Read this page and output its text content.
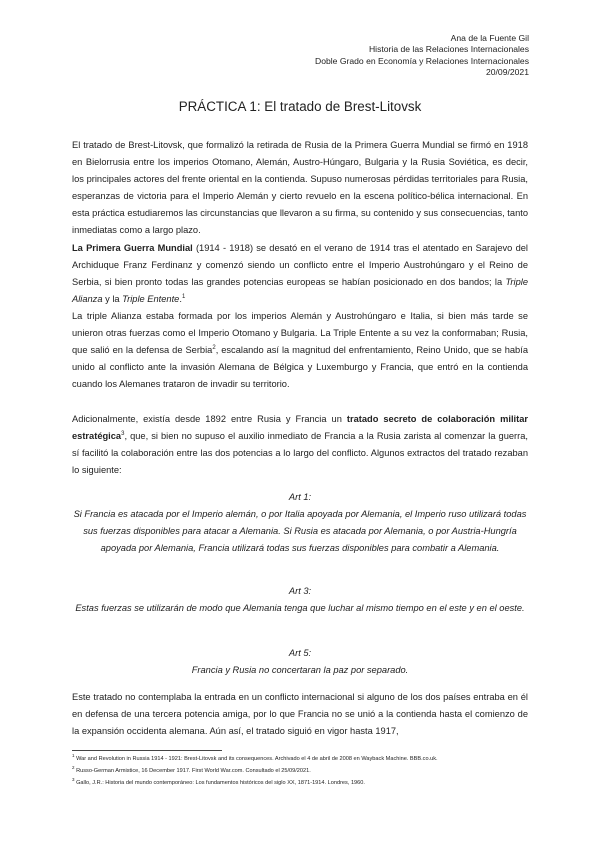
Ana de la Fuente Gil
Historia de las Relaciones Internacionales
Doble Grado en Economía y Relaciones Internacionales
20/09/2021
PRÁCTICA 1: El tratado de Brest-Litovsk

El tratado de Brest-Litovsk, que formalizó la retirada de Rusia de la Primera Guerra Mundial se firmó en 1918 en Bielorrusia entre los imperios Otomano, Alemán, Austro-Húngaro, Bulgaria y la Rusia Soviética, es decir, los principales actores del frente oriental en la contienda. Supuso numerosas pérdidas territoriales para Rusia, esperanzas de victoria para el Imperio Alemán y cierto revuelo en la escena político-bélica internacional. En esta práctica estudiaremos las circunstancias que llevaron a su firma, su contenido y sus consecuencias, tanto inmediatas como a largo plazo.

La Primera Guerra Mundial (1914 - 1918) se desató en el verano de 1914 tras el atentado en Sarajevo del Archiduque Franz Ferdinanz y comenzó siendo un conflicto entre el Imperio Austrohúngaro y el Reino de Serbia, si bien pronto todas las grandes potencias europeas se habían posicionado en dos bandos; la Triple Alianza y la Triple Entente.$^1$

La triple Alianza estaba formada por los imperios Alemán y Austrohúngaro e Italia, si bien más tarde se unieron otras fuerzas como el Imperio Otomano y Bulgaria. La Triple Entente a su vez la conformaban; Rusia, que salió en la defensa de Serbia$^2$, escalando así la magnitud del enfrentamiento, Reino Unido, que se había unido al conflicto ante la invasión Alemana de Bélgica y Luxemburgo y Francia, que entró en la contienda cuando los Alemanes trataron de invadir su territorio.

Adicionalmente, existía desde 1892 entre Rusia y Francia un tratado secreto de colaboración militar estratégica$^3$, que, si bien no supuso el auxilio inmediato de Francia a la Rusia zarista al comenzar la guerra, sí facilitó la colaboración entre las dos potencias a lo largo del conflicto. Algunos extractos del tratado rezaban lo siguiente:

Art 1:
Si Francia es atacada por el Imperio alemán, o por Italia apoyada por Alemania, el Imperio ruso utilizará todas sus fuerzas disponibles para atacar a Alemania. Si Rusia es atacada por Alemania, o por Austria-Hungría apoyada por Alemania, Francia utilizará todas sus fuerzas disponibles para combatir a Alemania.
Art 3:
Estas fuerzas se utilizarán de modo que Alemania tenga que luchar al mismo tiempo en el este y en el oeste.
Art 5:
Francia y Rusia no concertaran la paz por separado.

Este tratado no contemplaba la entrada en un conflicto internacional si alguno de los dos países entraba en él en defensa de una tercera potencia amiga, por lo que Francia no se unió a la contienda hasta el comienzo de la expansión occidenta alemana. Aún así, el tratado siguió en vigor hasta 1917,

$^1$ War and Revolution in Russia 1914 - 1921: Brest-Litovsk and its consequences. Archivado el 4 de abril de 2008 en Wayback Machine. BBB.co.uk.
$^2$ Russo-German Armistice, 16 December 1917. First World War.com. Consultado el 25/09/2021.
$^3$ Gallo, J.R.: Historia del mundo contemporáneo: Los fundamentos históricos del siglo XX, 1871-1914. Londres, 1960.
